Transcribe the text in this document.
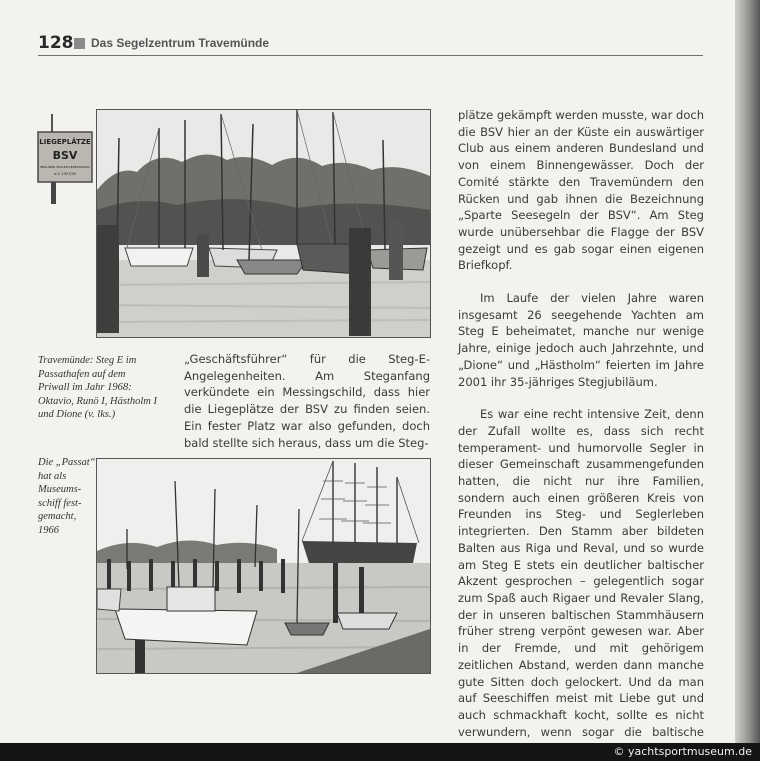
128 Das Segelzentrum Travemünde
LIEGEPLÄTZE
BSV
BERLINER SEGLER-VEREINIGUNG
e.V. 1927/30
Travemünde: Steg E im
Passathafen auf dem
Priwall im Jahr 1968:
Oktavio, Runö I, Hästholm I
und Dione (v. lks.)

„Geschäftsführer“ für die Steg-E-Angelegenheiten. Am Steganfang verkündete ein Messingschild, dass hier die Liegeplätze der BSV zu finden seien. Ein fester Platz war also gefunden, doch bald stellte sich heraus, dass um die Steg-

Die „Passat“
hat als
Museums-
schiff fest-
gemacht,
1966

plätze gekämpft werden musste, war doch die BSV hier an der Küste ein auswärtiger Club aus einem anderen Bundesland und von einem Binnengewässer. Doch der Comité stärkte den Travemündern den Rücken und gab ihnen die Bezeichnung „Sparte Seesegeln der BSV“. Am Steg wurde unübersehbar die Flagge der BSV gezeigt und es gab sogar einen eigenen Briefkopf.

Im Laufe der vielen Jahre waren insgesamt 26 seegehende Yachten am Steg E beheimatet, manche nur wenige Jahre, einige jedoch auch Jahrzehnte, und „Dione“ und „Hästholm“ feierten im Jahre 2001 ihr 35-jähriges Stegjubiläum.

Es war eine recht intensive Zeit, denn der Zufall wollte es, dass sich recht temperament- und humorvolle Segler in dieser Gemeinschaft zusammengefunden hatten, die nicht nur ihre Familien, sondern auch einen größeren Kreis von Freunden ins Steg- und Seglerleben integrierten. Den Stamm aber bildeten Balten aus Riga und Reval, und so wurde am Steg E stets ein deutlicher baltischer Akzent gesprochen – gelegentlich sogar zum Spaß auch Rigaer und Revaler Slang, der in unseren baltischen Stammhäusern früher streng verpönt gewesen war. Aber in der Fremde, und mit gehörigem zeitlichen Abstand, werden dann manche gute Sitten doch gelockert. Und da man auf Seeschiffen meist mit Liebe gut und auch schmackhaft kocht, sollte es nicht verwundern, wenn sogar die baltische

© yachtsportmuseum.de
